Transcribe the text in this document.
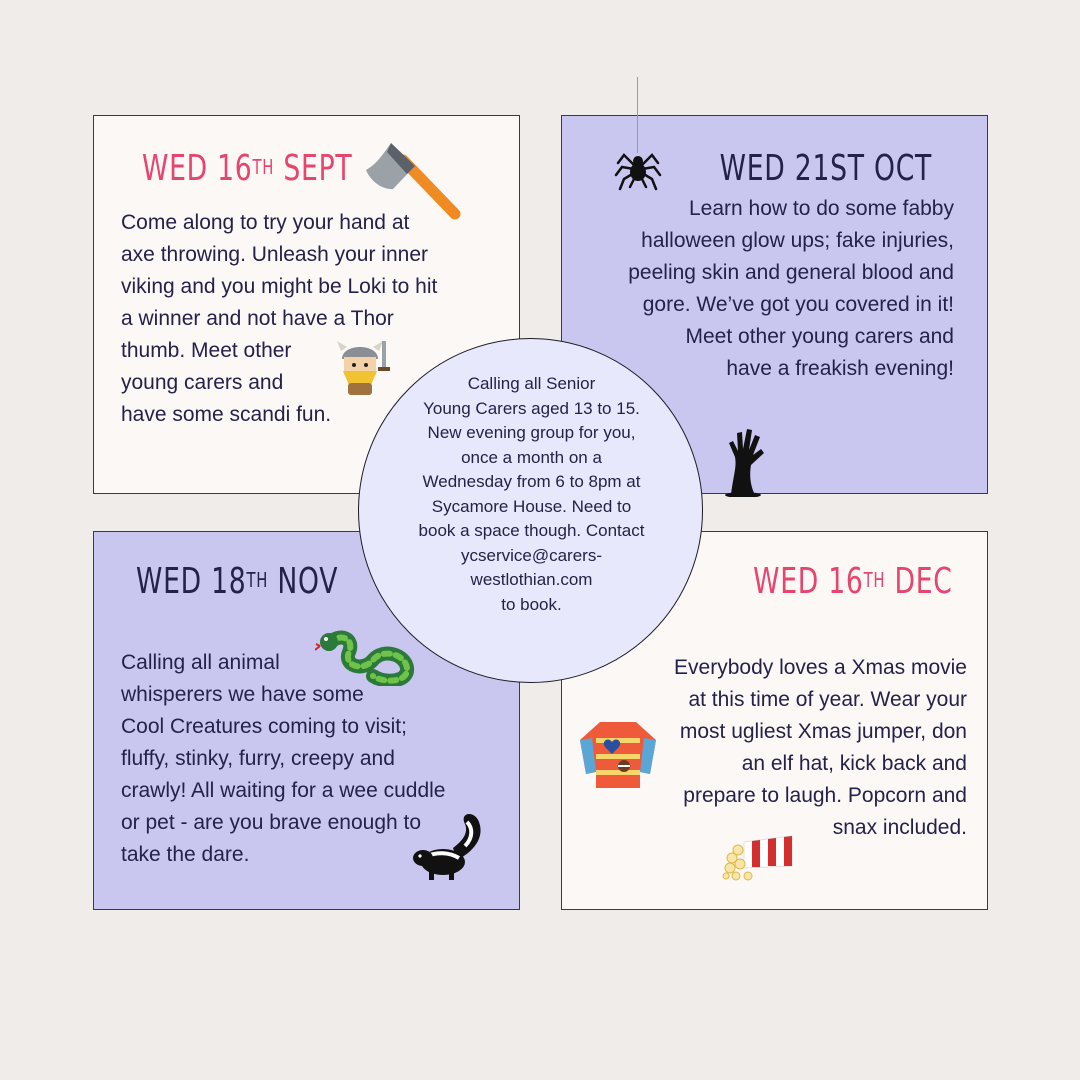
WED 16TH SEPT

Come along to try your hand at
axe throwing. Unleash your inner
viking and you might be Loki to hit
a winner and not have a Thor
thumb. Meet other
young carers and
have some scandi fun.

WED 21ST OCT

Learn how to do some fabby
halloween glow ups; fake injuries,
peeling skin and general blood and
gore. We’ve got you covered in it!
Meet other young carers and
have a freakish evening!

WED 18TH NOV

Calling all animal
whisperers we have some
Cool Creatures coming to visit;
fluffy, stinky, furry, creepy and
crawly! All waiting for a wee cuddle
or pet - are you brave enough to
take the dare.

WED 16TH DEC

Everybody loves a Xmas movie
at this time of year. Wear your
most ugliest Xmas jumper, don
an elf hat, kick back and
prepare to laugh. Popcorn and
snax included.

Calling all Senior
Young Carers aged 13 to 15.
New evening group for you,
once a month on a
Wednesday from 6 to 8pm at
Sycamore House. Need to
book a space though. Contact
ycservice@carers-
westlothian.com
to book.
